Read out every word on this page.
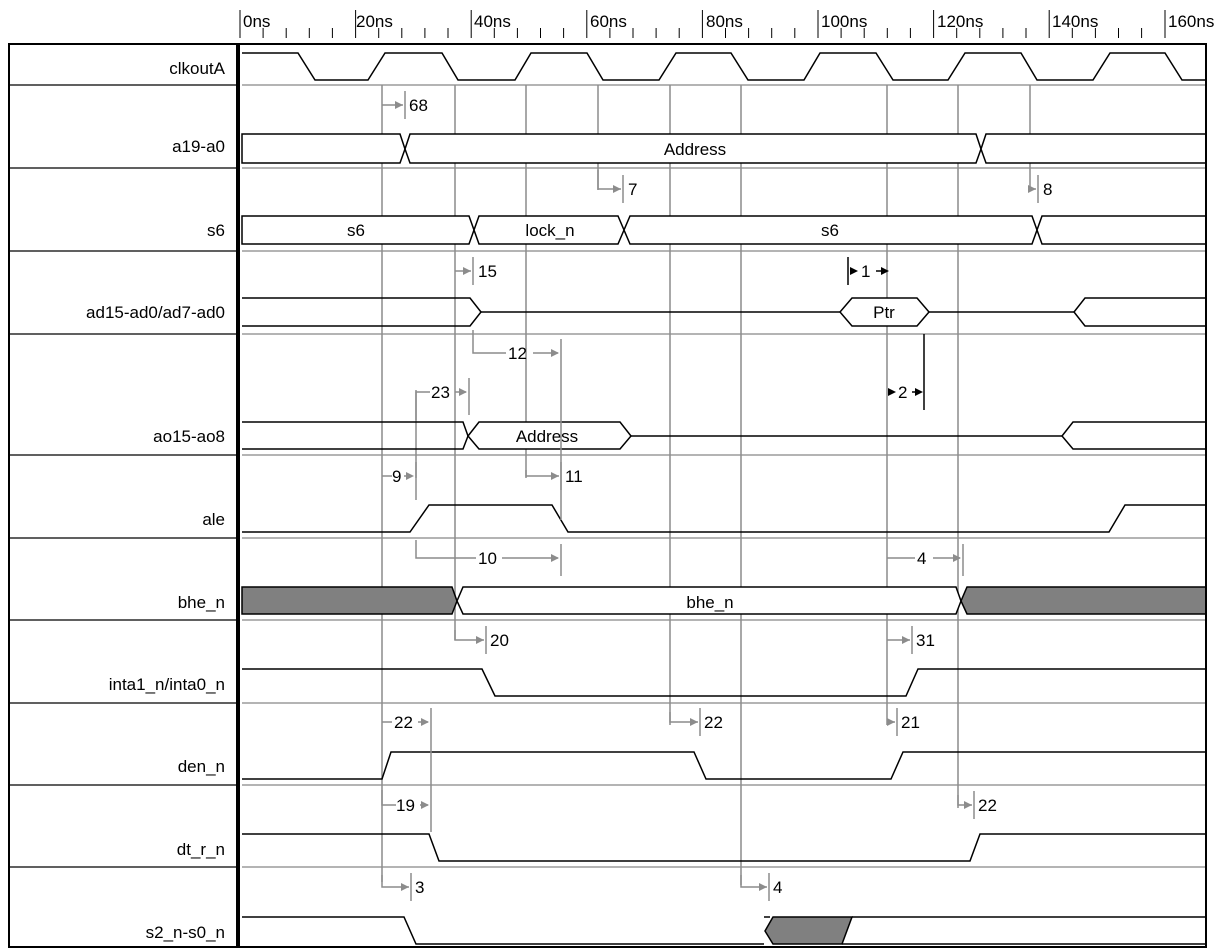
0ns	20ns	40ns	60ns	80ns	100ns	120ns	140ns	160ns
clkoutA
a19-a0
s6
ad15-ad0/ad7-ad0
ao15-ao8
ale
bhe_n
inta1_n/inta0_n
den_n
dt_r_n
s2_n-s0_n
Address
s6	lock_n	s6
Ptr
Address
bhe_n
68
7	8
15	1
12
23	2
9	11
10	4
20	31
22	22	21
19	22
3	4
